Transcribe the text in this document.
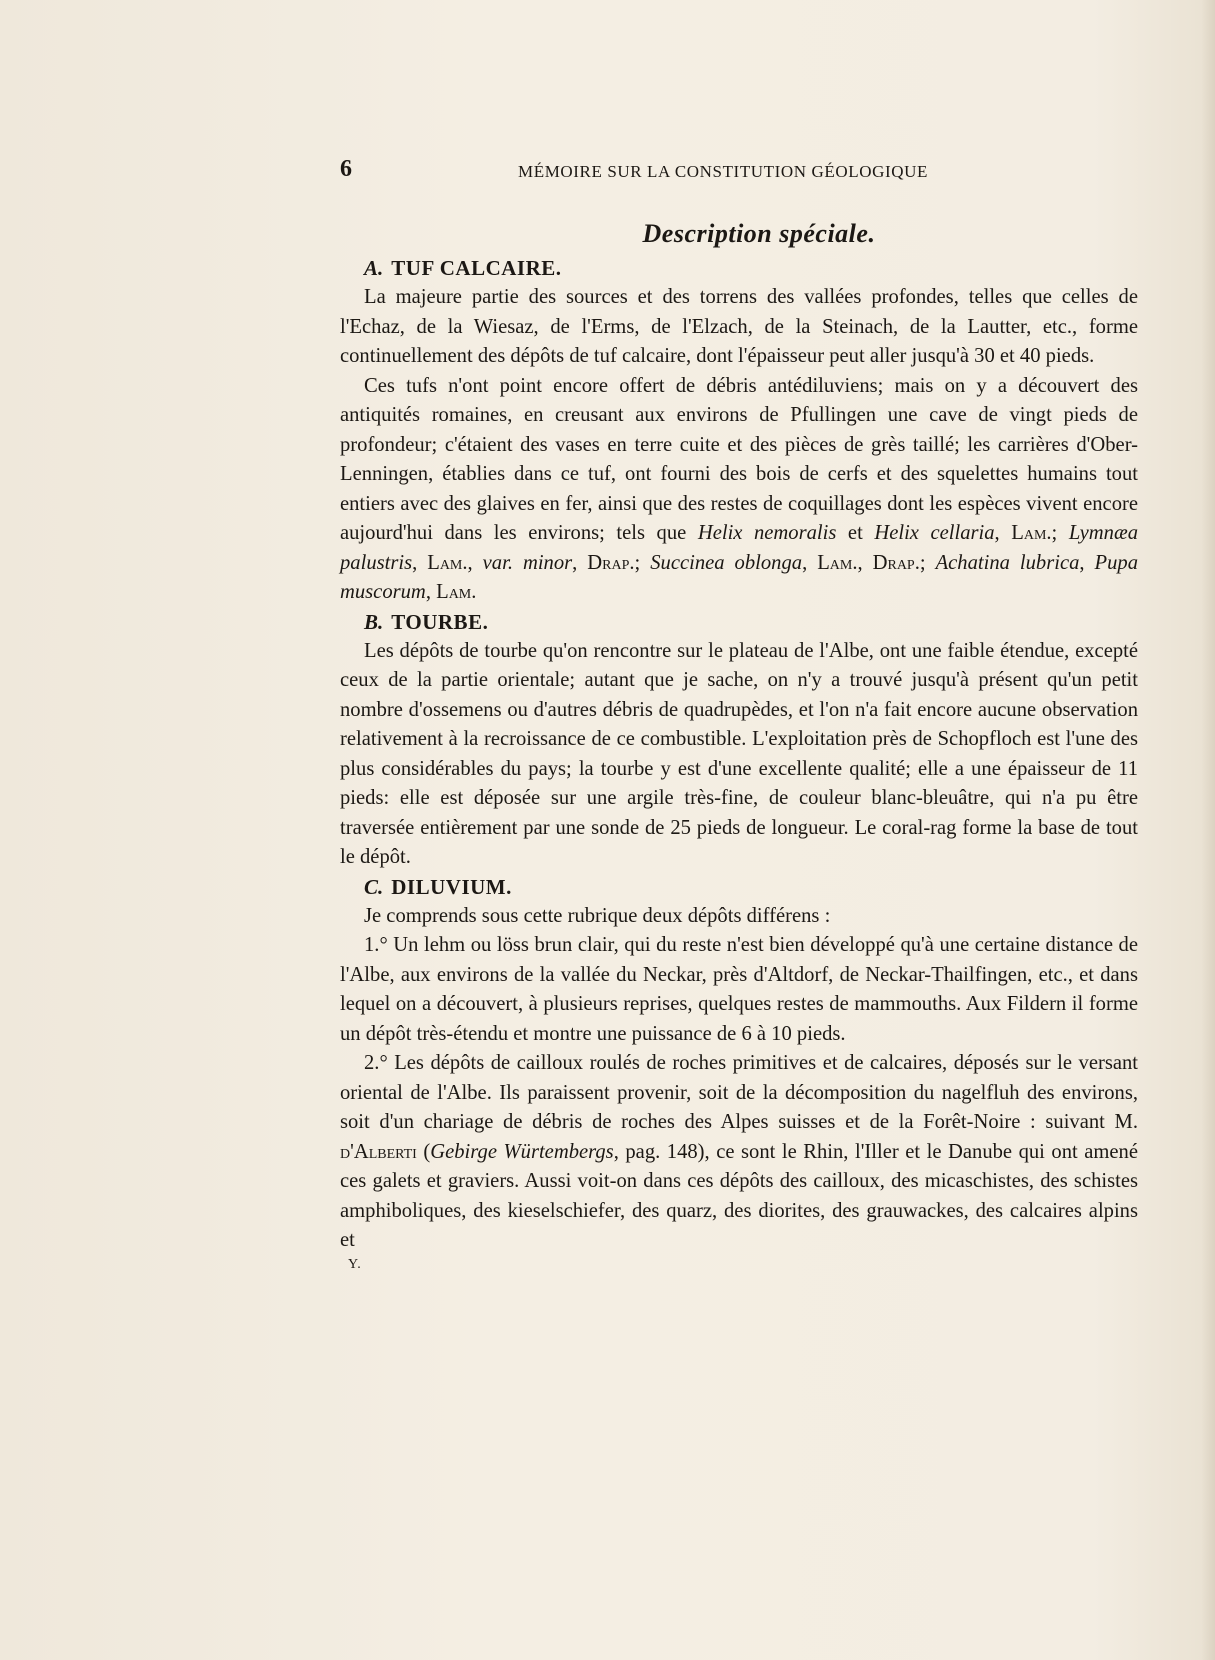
6	MÉMOIRE SUR LA CONSTITUTION GÉOLOGIQUE
Description spéciale.
A. TUF CALCAIRE.

La majeure partie des sources et des torrens des vallées profondes, telles que celles de l'Echaz, de la Wiesaz, de l'Erms, de l'Elzach, de la Steinach, de la Lautter, etc., forme continuellement des dépôts de tuf calcaire, dont l'épaisseur peut aller jusqu'à 30 et 40 pieds.

Ces tufs n'ont point encore offert de débris antédiluviens; mais on y a découvert des antiquités romaines, en creusant aux environs de Pfullingen une cave de vingt pieds de profondeur; c'étaient des vases en terre cuite et des pièces de grès taillé; les carrières d'Ober-Lenningen, établies dans ce tuf, ont fourni des bois de cerfs et des squelettes humains tout entiers avec des glaives en fer, ainsi que des restes de coquillages dont les espèces vivent encore aujourd'hui dans les environs; tels que Helix nemoralis et Helix cellaria, Lam.; Lymnæa palustris, Lam., var. minor, Drap.; Succinea oblonga, Lam., Drap.; Achatina lubrica, Pupa muscorum, Lam.

B. TOURBE.

Les dépôts de tourbe qu'on rencontre sur le plateau de l'Albe, ont une faible étendue, excepté ceux de la partie orientale; autant que je sache, on n'y a trouvé jusqu'à présent qu'un petit nombre d'ossemens ou d'autres débris de quadrupèdes, et l'on n'a fait encore aucune observation relativement à la recroissance de ce combustible. L'exploitation près de Schopfloch est l'une des plus considérables du pays; la tourbe y est d'une excellente qualité; elle a une épaisseur de 11 pieds: elle est déposée sur une argile très-fine, de couleur blanc-bleuâtre, qui n'a pu être traversée entièrement par une sonde de 25 pieds de longueur. Le coral-rag forme la base de tout le dépôt.

C. DILUVIUM.

Je comprends sous cette rubrique deux dépôts différens :

1.° Un lehm ou löss brun clair, qui du reste n'est bien développé qu'à une certaine distance de l'Albe, aux environs de la vallée du Neckar, près d'Altdorf, de Neckar-Thailfingen, etc., et dans lequel on a découvert, à plusieurs reprises, quelques restes de mammouths. Aux Fildern il forme un dépôt très-étendu et montre une puissance de 6 à 10 pieds.

2.° Les dépôts de cailloux roulés de roches primitives et de calcaires, déposés sur le versant oriental de l'Albe. Ils paraissent provenir, soit de la décomposition du nagelfluh des environs, soit d'un chariage de débris de roches des Alpes suisses et de la Forêt-Noire : suivant M. d'Alberti (Gebirge Würtembergs, pag. 148), ce sont le Rhin, l'Iller et le Danube qui ont amené ces galets et graviers. Aussi voit-on dans ces dépôts des cailloux, des micaschistes, des schistes amphiboliques, des kieselschiefer, des quarz, des diorites, des grauwackes, des calcaires alpins et

Y.
